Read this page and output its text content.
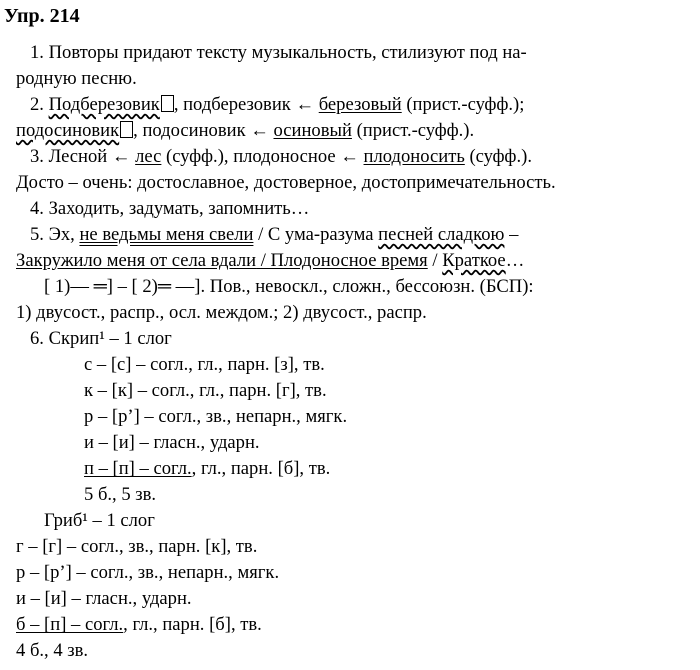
Упр. 214
1. Повторы придают тексту музыкальность, стилизуют под на-
родную песню.
2. Подберезовик , подберезовик ← березовый (прист.-суфф.);
подосиновик , подосиновик ← осиновый (прист.-суфф.).
3. Лесной ← лес (суфф.), плодоносное ← плодоносить (суфф.).
Досто – очень: достославное, достоверное, достопримечательность.
4. Заходить, задумать, запомнить…
5. Эх, не ведьмы меня свели / С ума-разума песней сладкою –
Закружило меня от села вдали / Плодоносное время / Краткое…
[ 1)— ═] – [ 2)═ —]. Пов., невоскл., сложн., бессоюзн. (БСП):
1) двусост., распр., осл. междом.; 2) двусост., распр.
6. Скрип¹ – 1 слог
с – [с] – согл., гл., парн. [з], тв.
к – [к] – согл., гл., парн. [г], тв.
р – [р’] – согл., зв., непарн., мягк.
и – [и] – гласн., ударн.
п – [п] – согл., гл., парн. [б], тв.
5 б., 5 зв.
Гриб¹ – 1 слог
г – [г] – согл., зв., парн. [к], тв.
р – [р’] – согл., зв., непарн., мягк.
и – [и] – гласн., ударн.
б – [п] – согл., гл., парн. [б], тв.
4 б., 4 зв.
